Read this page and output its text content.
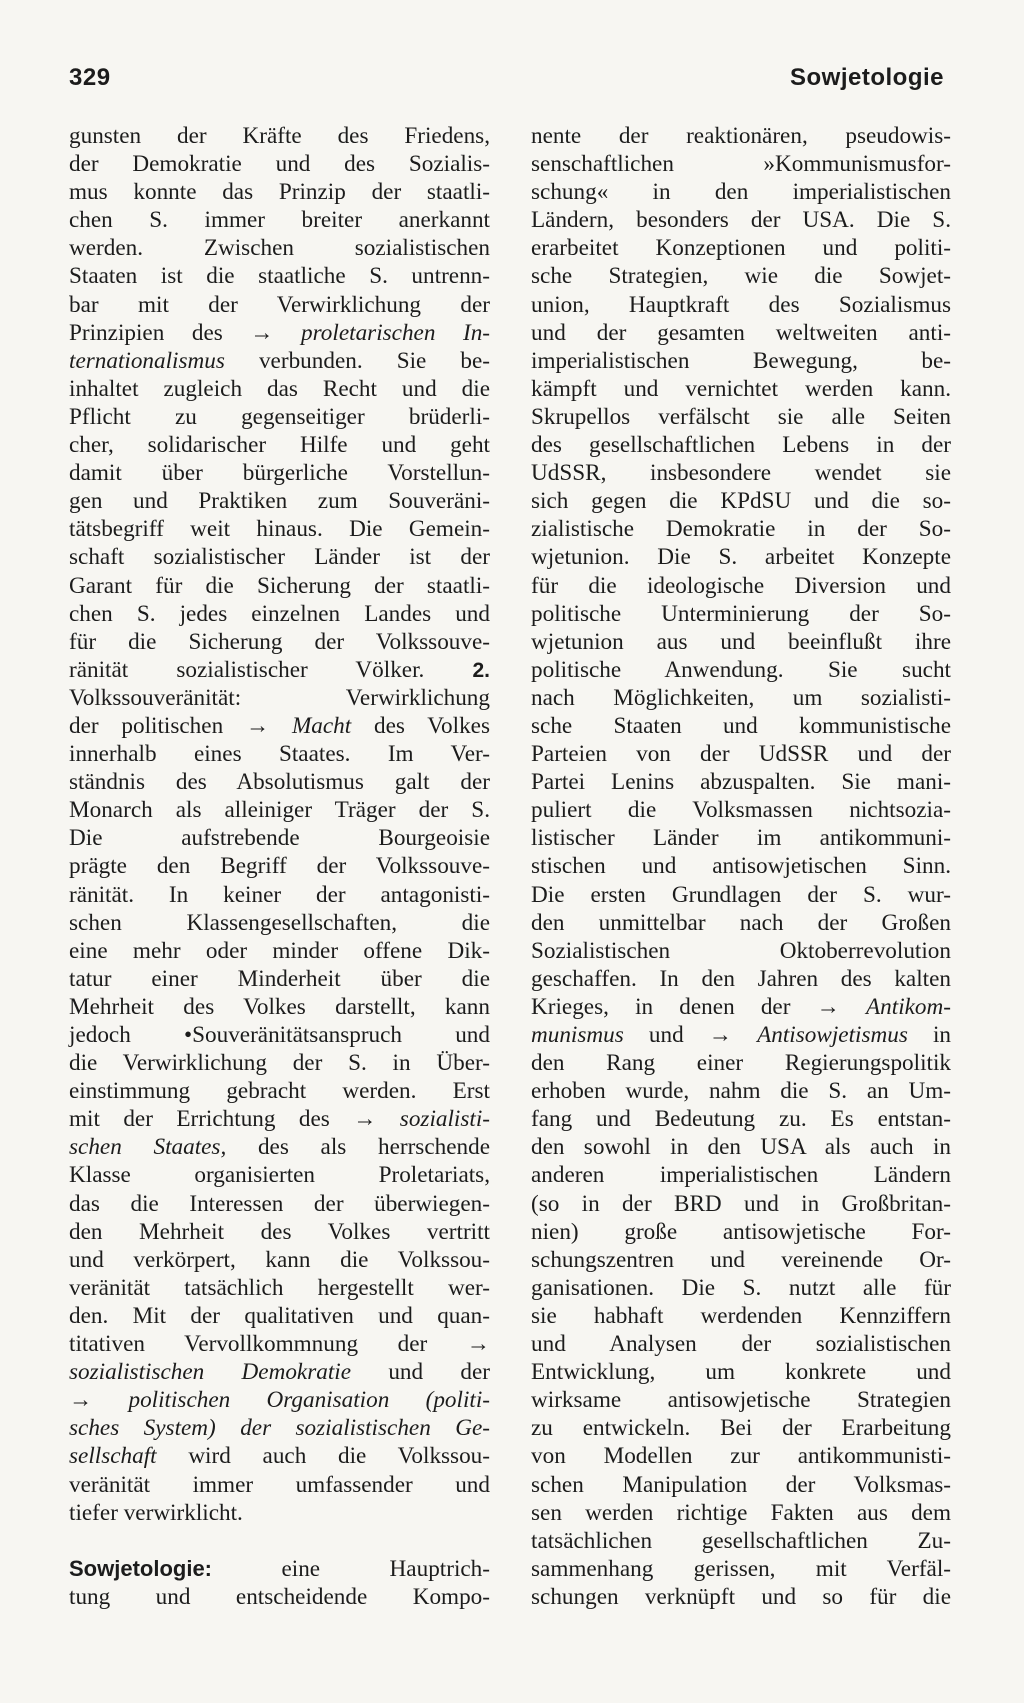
329	Sowjetologie
gunsten der Kräfte des Friedens,
der Demokratie und des Sozialis-
mus konnte das Prinzip der staatli-
chen S. immer breiter anerkannt
werden. Zwischen sozialistischen
Staaten ist die staatliche S. untrenn-
bar mit der Verwirklichung der
Prinzipien des → proletarischen In-
ternationalismus verbunden. Sie be-
inhaltet zugleich das Recht und die
Pflicht zu gegenseitiger brüderli-
cher, solidarischer Hilfe und geht
damit über bürgerliche Vorstellun-
gen und Praktiken zum Souveräni-
tätsbegriff weit hinaus. Die Gemein-
schaft sozialistischer Länder ist der
Garant für die Sicherung der staatli-
chen S. jedes einzelnen Landes und
für die Sicherung der Volkssouve-
ränität sozialistischer Völker. 2.
Volkssouveränität: Verwirklichung
der politischen → Macht des Volkes
innerhalb eines Staates. Im Ver-
ständnis des Absolutismus galt der
Monarch als alleiniger Träger der S.
Die aufstrebende Bourgeoisie
prägte den Begriff der Volkssouve-
ränität. In keiner der antagonisti-
schen Klassengesellschaften, die
eine mehr oder minder offene Dik-
tatur einer Minderheit über die
Mehrheit des Volkes darstellt, kann
jedoch •Souveränitätsanspruch und
die Verwirklichung der S. in Über-
einstimmung gebracht werden. Erst
mit der Errichtung des → sozialisti-
schen Staates, des als herrschende
Klasse organisierten Proletariats,
das die Interessen der überwiegen-
den Mehrheit des Volkes vertritt
und verkörpert, kann die Volkssou-
veränität tatsächlich hergestellt wer-
den. Mit der qualitativen und quan-
titativen Vervollkommnung der →
sozialistischen Demokratie und der
→ politischen Organisation (politi-
sches System) der sozialistischen Ge-
sellschaft wird auch die Volkssou-
veränität immer umfassender und
tiefer verwirklicht.
Sowjetologie: eine Hauptrich-
tung und entscheidende Kompo-
nente der reaktionären, pseudowis-
senschaftlichen »Kommunismusfor-
schung« in den imperialistischen
Ländern, besonders der USA. Die S.
erarbeitet Konzeptionen und politi-
sche Strategien, wie die Sowjet-
union, Hauptkraft des Sozialismus
und der gesamten weltweiten anti-
imperialistischen Bewegung, be-
kämpft und vernichtet werden kann.
Skrupellos verfälscht sie alle Seiten
des gesellschaftlichen Lebens in der
UdSSR, insbesondere wendet sie
sich gegen die KPdSU und die so-
zialistische Demokratie in der So-
wjetunion. Die S. arbeitet Konzepte
für die ideologische Diversion und
politische Unterminierung der So-
wjetunion aus und beeinflußt ihre
politische Anwendung. Sie sucht
nach Möglichkeiten, um sozialisti-
sche Staaten und kommunistische
Parteien von der UdSSR und der
Partei Lenins abzuspalten. Sie mani-
puliert die Volksmassen nichtsozia-
listischer Länder im antikommuni-
stischen und antisowjetischen Sinn.
Die ersten Grundlagen der S. wur-
den unmittelbar nach der Großen
Sozialistischen Oktoberrevolution
geschaffen. In den Jahren des kalten
Krieges, in denen der → Antikom-
munismus und → Antisowjetismus in
den Rang einer Regierungspolitik
erhoben wurde, nahm die S. an Um-
fang und Bedeutung zu. Es entstan-
den sowohl in den USA als auch in
anderen imperialistischen Ländern
(so in der BRD und in Großbritan-
nien) große antisowjetische For-
schungszentren und vereinende Or-
ganisationen. Die S. nutzt alle für
sie habhaft werdenden Kennziffern
und Analysen der sozialistischen
Entwicklung, um konkrete und
wirksame antisowjetische Strategien
zu entwickeln. Bei der Erarbeitung
von Modellen zur antikommunisti-
schen Manipulation der Volksmas-
sen werden richtige Fakten aus dem
tatsächlichen gesellschaftlichen Zu-
sammenhang gerissen, mit Verfäl-
schungen verknüpft und so für die
